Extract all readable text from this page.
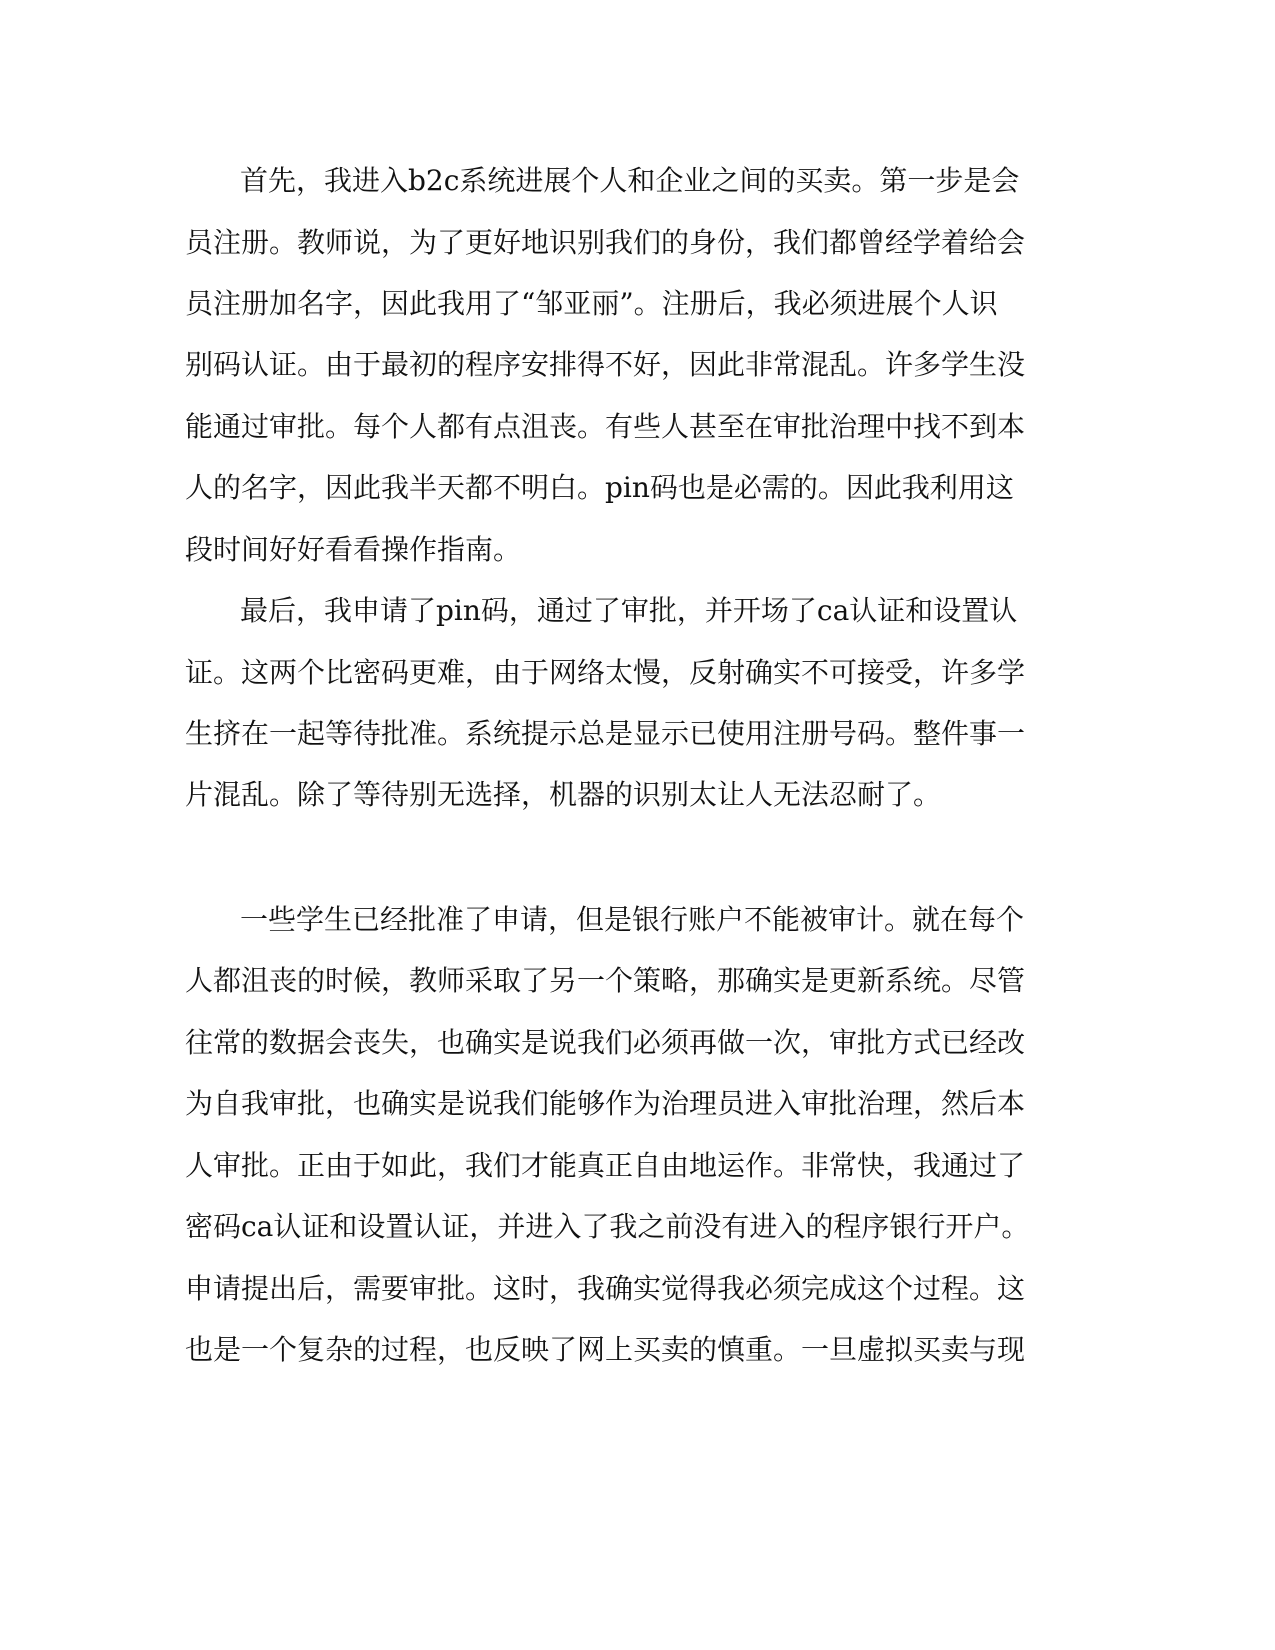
首先，我进入b2c系统进展个人和企业之间的买卖。第一步是会

员注册。教师说，为了更好地识别我们的身份，我们都曾经学着给会

员注册加名字，因此我用了“邹亚丽”。注册后，我必须进展个人识

别码认证。由于最初的程序安排得不好，因此非常混乱。许多学生没

能通过审批。每个人都有点沮丧。有些人甚至在审批治理中找不到本

人的名字，因此我半天都不明白。pin码也是必需的。因此我利用这

段时间好好看看操作指南。

最后，我申请了pin码，通过了审批，并开场了ca认证和设置认

证。这两个比密码更难，由于网络太慢，反射确实不可接受，许多学

生挤在一起等待批准。系统提示总是显示已使用注册号码。整件事一

片混乱。除了等待别无选择，机器的识别太让人无法忍耐了。

一些学生已经批准了申请，但是银行账户不能被审计。就在每个

人都沮丧的时候，教师采取了另一个策略，那确实是更新系统。尽管

往常的数据会丧失，也确实是说我们必须再做一次，审批方式已经改

为自我审批，也确实是说我们能够作为治理员进入审批治理，然后本

人审批。正由于如此，我们才能真正自由地运作。非常快，我通过了

密码ca认证和设置认证，并进入了我之前没有进入的程序银行开户。

申请提出后，需要审批。这时，我确实觉得我必须完成这个过程。这

也是一个复杂的过程，也反映了网上买卖的慎重。一旦虚拟买卖与现
